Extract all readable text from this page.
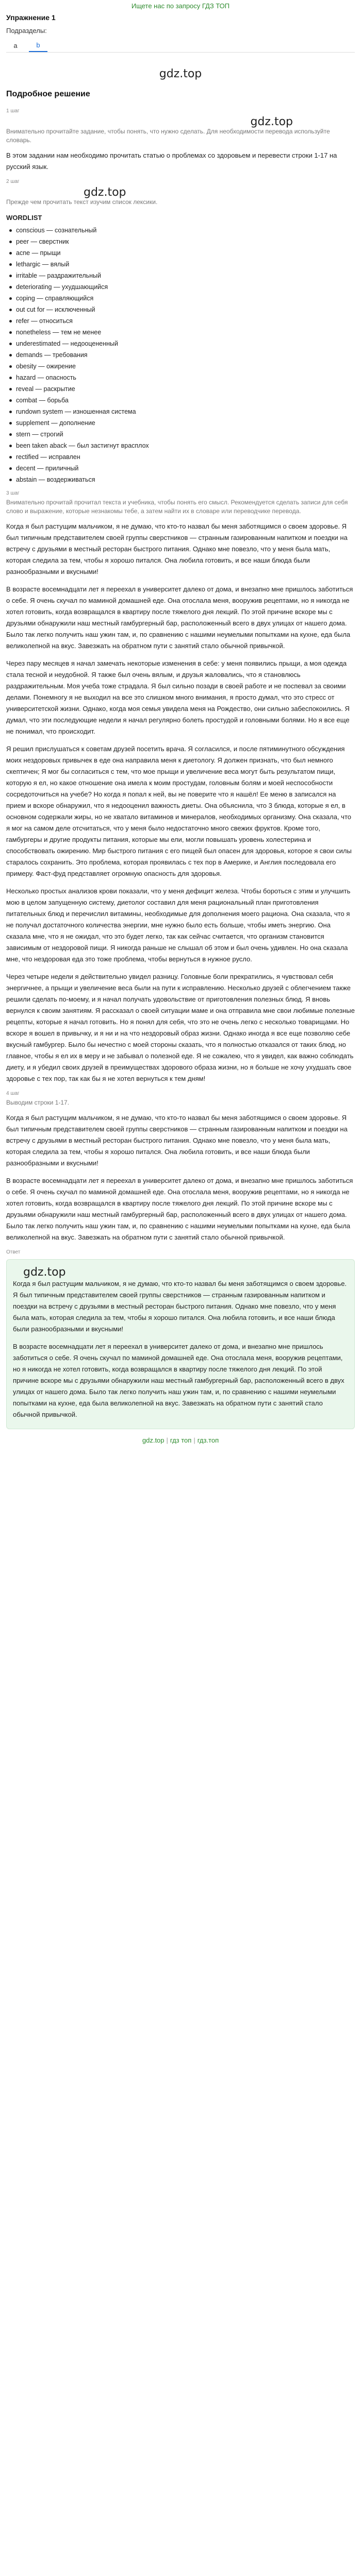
Ищете нас по запросу ГДЗ ТОП
Упражнение 1
Подразделы:
a	b
gdz.top
Подробное решение
1 шаг
gdz.top

Внимательно прочитайте задание, чтобы понять, что нужно сделать. Для необходимости перевода используйте словарь.

В этом задании нам необходимо прочитать статью о проблемах со здоровьем и перевести строки 1-17 на русский язык.

2 шаг
gdz.top

Прежде чем прочитать текст изучим список лексики.

WORDLIST
conscious — сознательный
peer — сверстник
acne — прыщи
lethargic — вялый
irritable — раздражительный
deteriorating — ухудшающийся
coping — справляющийся
out cut for — исключенный
refer — относиться
nonetheless — тем не менее
underestimated — недооцененный
demands — требования
obesity — ожирение
hazard — опасность
reveal — раскрытие
combat — борьба
rundown system — изношенная система
supplement — дополнение
stern — строгий
been taken aback — был застигнут врасплох
rectified — исправлен
decent — приличный
abstain — воздерживаться
3 шаг

Внимательно прочитай прочитал текста и учебника, чтобы понять его смысл. Рекомендуется сделать записи для себя слово и выражение, которые незнакомы тебе, а затем найти их в словаре или переводчике перевода.

Когда я был растущим мальчиком, я не думаю, что кто-то назвал бы меня заботящимся о своем здоровье. Я был типичным представителем своей группы сверстников — странным газированным напитком и поездки на встречу с друзьями в местный ресторан быстрого питания. Однако мне повезло, что у меня была мать, которая следила за тем, чтобы я хорошо питался. Она любила готовить, и все наши блюда были разнообразными и вкусными!

В возрасте восемнадцати лет я переехал в университет далеко от дома, и внезапно мне пришлось заботиться о себе. Я очень скучал по маминой домашней еде. Она отослала меня, вооружив рецептами, но я никогда не хотел готовить, когда возвращался в квартиру после тяжелого дня лекций. По этой причине вскоре мы с друзьями обнаружили наш местный гамбургерный бар, расположенный всего в двух улицах от нашего дома. Было так легко получить наш ужин там, и, по сравнению с нашими неумелыми попытками на кухне, еда была великолепной на вкус. Завезжать на обратном пути с занятий стало обычной привычкой.

Через пару месяцев я начал замечать некоторые изменения в себе: у меня появились прыщи, а моя одежда стала тесной и неудобной. Я также был очень вялым, и друзья жаловались, что я становлюсь раздражительным. Моя учеба тоже страдала. Я был сильно позади в своей работе и не поспевал за своими делами. Понемногу я не выходил на все это слишком много внимания, я просто думал, что это стресс от университетской жизни. Однако, когда моя семья увидела меня на Рождество, они сильно забеспокоились. Я думал, что эти последующие недели я начал регулярно болеть простудой и головными болями. Но я все еще не понимал, что происходит.

Я решил прислушаться к советам друзей посетить врача. Я согласился, и после пятиминутного обсуждения моих нездоровых привычек в еде она направила меня к диетологу. Я должен признать, что был немного скептичен; Я мог бы согласиться с тем, что мое прыщи и увеличение веса могут быть результатом пищи, которую я ел, но какое отношение она имела к моим простудам, головным болям и моей неспособности сосредоточиться на учебе? Но когда я попал к ней, вы не поверите что я нашёл! Ее меню в записался на прием и вскоре обнаружил, что я недооценил важность диеты. Она объяснила, что 3 блюда, которые я ел, в основном содержали жиры, но не хватало витаминов и минералов, необходимых организму. Она сказала, что я мог на самом деле отсчитаться, что у меня было недостаточно много свежих фруктов. Кроме того, гамбургеры и другие продукты питания, которые мы ели, могли повышать уровень холестерина и способствовать ожирению. Мир быстрого питания с его пищей был опасен для здоровья, которое я свои силы старалось сохранить. Это проблема, которая проявилась с тех пор в Америке, и Англия последовала его примеру. Фаст-фуд представляет огромную опасность для здоровья.

Несколько простых анализов крови показали, что у меня дефицит железа. Чтобы бороться с этим и улучшить мою в целом запущенную систему, диетолог составил для меня рациональный план приготовления питательных блюд и перечислил витамины, необходимые для дополнения моего рациона. Она сказала, что я не получал достаточного количества энергии, мне нужно было есть больше, чтобы иметь энергию. Она сказала мне, что я не ожидал, что это будет легко, так как сейчас считается, что организм становится зависимым от нездоровой пищи. Я никогда раньше не слышал об этом и был очень удивлен. Но она сказала мне, что нездоровая еда это тоже проблема, чтобы вернуться в нужное русло.

Через четыре недели я действительно увидел разницу. Головные боли прекратились, я чувствовал себя энергичнее, а прыщи и увеличение веса были на пути к исправлению. Несколько друзей с облегчением также решили сделать по-моему, и я начал получать удовольствие от приготовления полезных блюд. Я вновь вернулся к своим занятиям. Я рассказал о своей ситуации маме и она отправила мне свои любимые полезные рецепты, которые я начал готовить. Но я понял для себя, что это не очень легко с несколько товарищами. Но вскоре я вошел в привычку, и я ни и на что нездоровый образ жизни. Однако иногда я все еще позволяю себе вкусный гамбургер. Было бы нечестно с моей стороны сказать, что я полностью отказался от таких блюд, но главное, чтобы я ел их в меру и не забывал о полезной еде. Я не сожалею, что я увидел, как важно соблюдать диету, и я убедил своих друзей в преимуществах здорового образа жизни, но я больше не хочу ухудшать свое здоровье с тех пор, так как бы я не хотел вернуться к тем дням!

4 шаг

Выводим строки 1-17.

Когда я был растущим мальчиком, я не думаю, что кто-то назвал бы меня заботящимся о своем здоровье. Я был типичным представителем своей группы сверстников — странным газированным напитком и поездки на встречу с друзьями в местный ресторан быстрого питания. Однако мне повезло, что у меня была мать, которая следила за тем, чтобы я хорошо питался. Она любила готовить, и все наши блюда были разнообразными и вкусными!

В возрасте восемнадцати лет я переехал в университет далеко от дома, и внезапно мне пришлось заботиться о себе. Я очень скучал по маминой домашней еде. Она отослала меня, вооружив рецептами, но я никогда не хотел готовить, когда возвращался в квартиру после тяжелого дня лекций. По этой причине вскоре мы с друзьями обнаружили наш местный гамбургерный бар, расположенный всего в двух улицах от нашего дома. Было так легко получить наш ужин там, и, по сравнению с нашими неумелыми попытками на кухне, еда была великолепной на вкус. Завезжать на обратном пути с занятий стало обычной привычкой.

Ответ
gdz.top

Когда я был растущим мальчиком, я не думаю, что кто-то назвал бы меня заботящимся о своем здоровье. Я был типичным представителем своей группы сверстников — странным газированным напитком и поездки на встречу с друзьями в местный ресторан быстрого питания. Однако мне повезло, что у меня была мать, которая следила за тем, чтобы я хорошо питался. Она любила готовить, и все наши блюда были разнообразными и вкусными!

В возрасте восемнадцати лет я переехал в университет далеко от дома, и внезапно мне пришлось заботиться о себе. Я очень скучал по маминой домашней еде. Она отослала меня, вооружив рецептами, но я никогда не хотел готовить, когда возвращался в квартиру после тяжелого дня лекций. По этой причине вскоре мы с друзьями обнаружили наш местный гамбургерный бар, расположенный всего в двух улицах от нашего дома. Было так легко получить наш ужин там, и, по сравнению с нашими неумелыми попытками на кухне, еда была великолепной на вкус. Завезжать на обратном пути с занятий стало обычной привычкой.

gdz.top | гдз топ | гдз.топ
